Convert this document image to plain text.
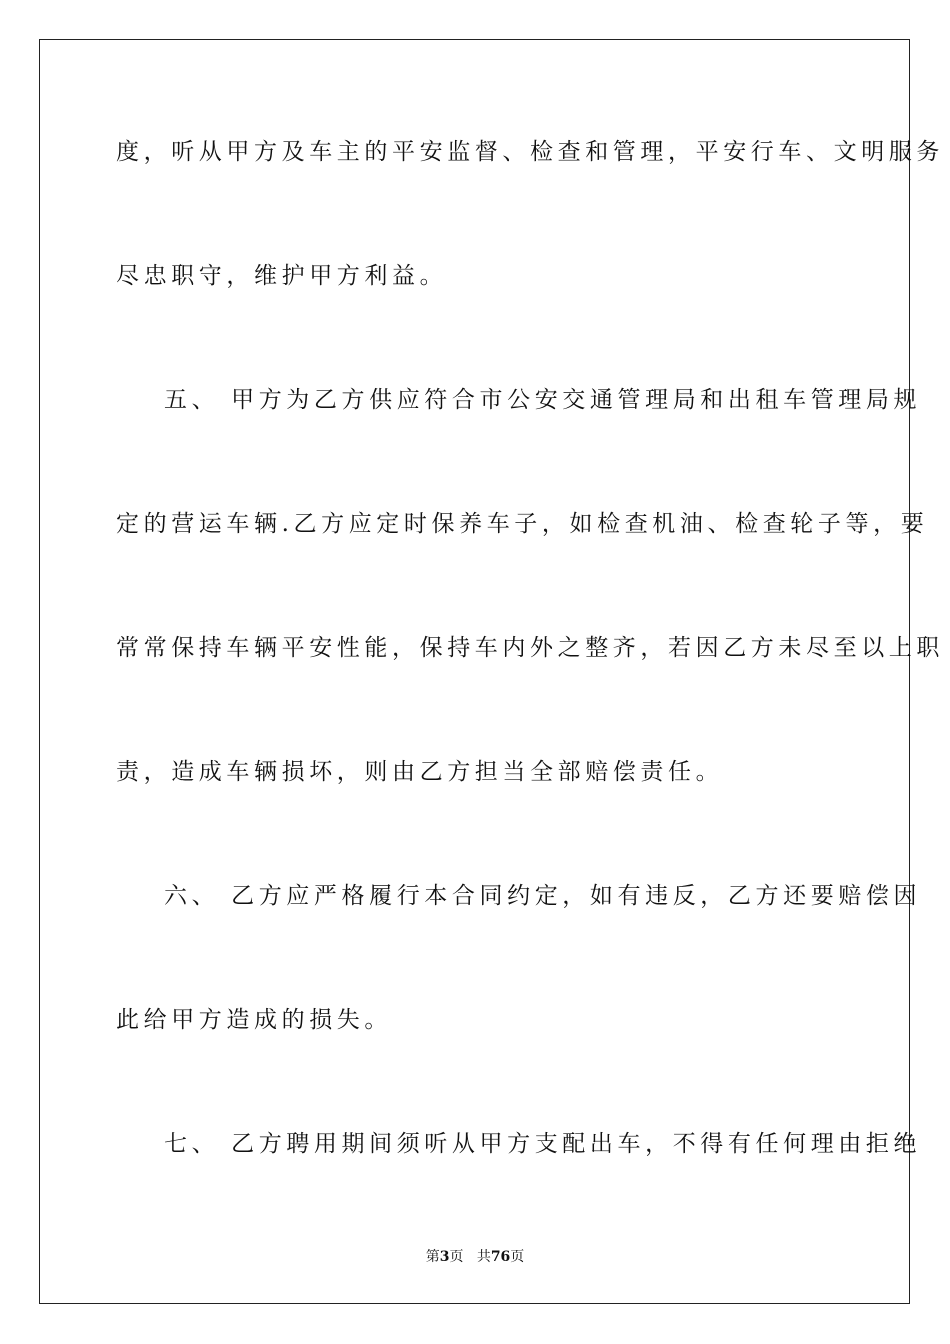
度，听从甲方及车主的平安监督、检查和管理，平安行车、文明服务
尽忠职守，维护甲方利益。
五、 甲方为乙方供应符合市公安交通管理局和出租车管理局规
定的营运车辆.乙方应定时保养车子，如检查机油、检查轮子等，要
常常保持车辆平安性能，保持车内外之整齐，若因乙方未尽至以上职
责，造成车辆损坏，则由乙方担当全部赔偿责任。
六、 乙方应严格履行本合同约定，如有违反，乙方还要赔偿因
此给甲方造成的损失。
七、 乙方聘用期间须听从甲方支配出车，不得有任何理由拒绝
第3页 共76页
